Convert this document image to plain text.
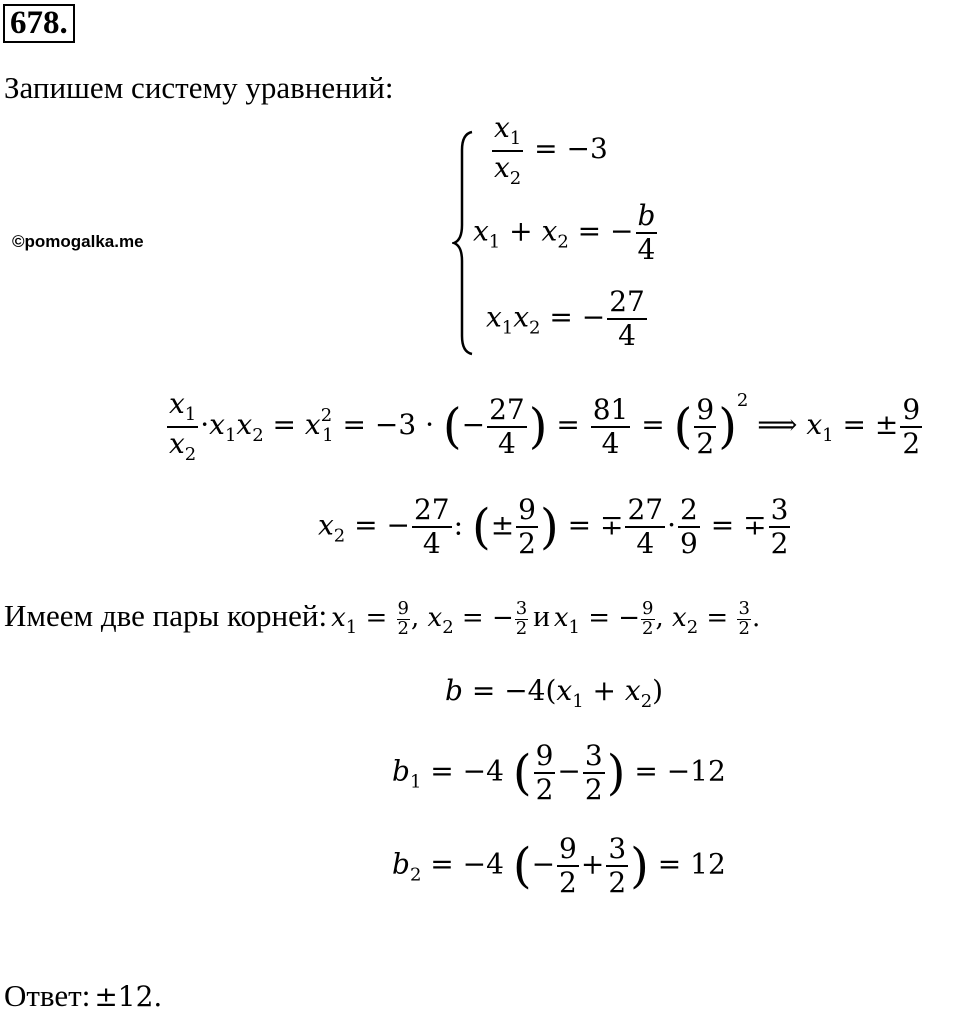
678.
Запишем систему уравнений:
©pomogalka.me
$\frac{x_1}{x_2} = -3$
$x_1 + x_2$ = − $\frac{b}{4}$
$x_1x_2$ = − $\frac{27}{4}$
$\frac{x_1}{x_2} \cdot x_1x_2 = x^2_1 = -3$ · (− $\frac{27}{4}$ ) = $\frac{81}{4}$ = ( $\frac{9}{2} )^2$ ⟹ $x_1$ = ± $\frac{9}{2}$
$x_2$ = − $\frac{27}{4}$ : (± $\frac{9}{2}$ ) = ∓ $\frac{27}{4} \cdot \frac{2}{9}$ = ∓ $\frac{3}{2}$
Имеем две пары корней: $x_1 = \frac{9}{2}$ , $x_2$ = − $\frac{3}{2}$ и $x_1$ = − $\frac{9}{2}$ , $x_2 = \frac{3}{2}$ .
$b = -4(x_1 + x_2)$
$b_1 = -4$ ( $\frac{9}{2} - \frac{3}{2}$ ) = −12
$b_2 = -4$ (− $\frac{9}{2} + \frac{3}{2}$ ) = 12
Ответ: ±12.
